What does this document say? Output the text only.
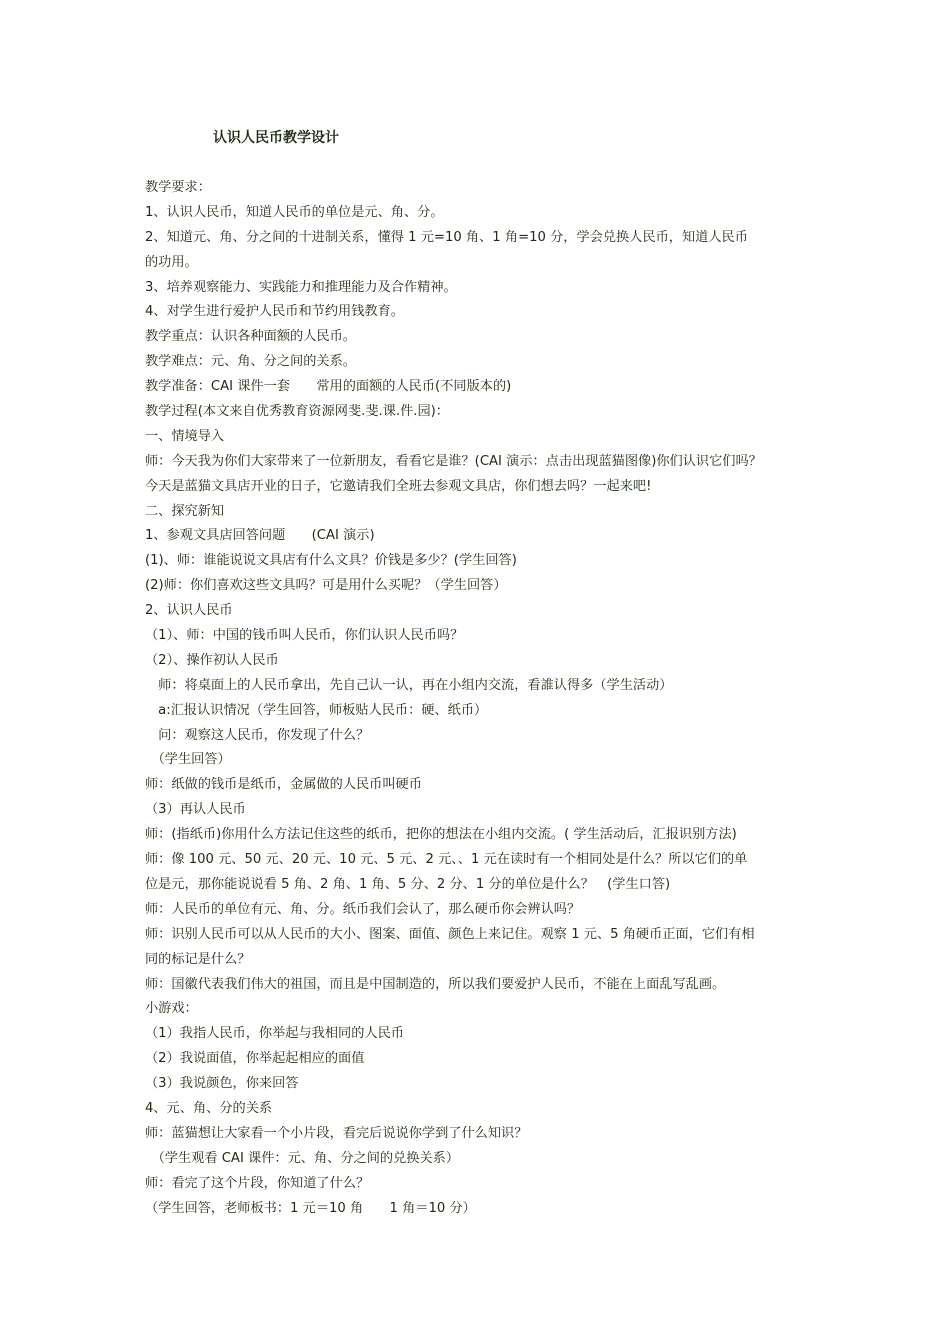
认识人民币教学设计
教学要求：
1、认识人民币，知道人民币的单位是元、角、分。
2、知道元、角、分之间的十进制关系，懂得 1 元=10 角、1 角=10 分，学会兑换人民币，知道人民币
的功用。
3、培养观察能力、实践能力和推理能力及合作精神。
4、对学生进行爱护人民币和节约用钱教育。
教学重点：认识各种面额的人民币。
教学难点：元、角、分之间的关系。
教学准备：CAI 课件一套　　常用的面额的人民币(不同版本的)
教学过程(本文来自优秀教育资源网斐.斐.课.件.园)：
一、情境导入
师：今天我为你们大家带来了一位新朋友，看看它是谁？(CAI 演示：点击出现蓝猫图像)你们认识它们吗？
今天是蓝猫文具店开业的日子，它邀请我们全班去参观文具店，你们想去吗？一起来吧!
二、探究新知
1、参观文具店回答问题　　(CAI 演示)
(1)、师：谁能说说文具店有什么文具？价钱是多少？(学生回答)
(2)师：你们喜欢这些文具吗？可是用什么买呢？（学生回答）
2、认识人民币
（1）、师：中国的钱币叫人民币，你们认识人民币吗？
（2）、操作初认人民币
　师：将桌面上的人民币拿出，先自己认一认，再在小组内交流，看誰认得多（学生活动）
　a:汇报认识情况（学生回答，师板贴人民币：硬、纸币）
　问：观察这人民币，你发现了什么？
　（学生回答）
师：纸做的钱币是纸币，金属做的人民币叫硬币
（3）再认人民币
师：(指纸币)你用什么方法记住这些的纸币，把你的想法在小组内交流。( 学生活动后，汇报识别方法)
师：像 100 元、50 元、20 元、10 元、5 元、2 元、、1 元在读时有一个相同处是什么？所以它们的单
位是元，那你能说说看 5 角、2 角、1 角、5 分、2 分、1 分的单位是什么？　(学生口答)
师：人民币的单位有元、角、分。纸币我们会认了，那么硬币你会辨认吗？
师：识别人民币可以从人民币的大小、图案、面值、颜色上来记住。观察 1 元、5 角硬币正面，它们有相
同的标记是什么？
师：国徽代表我们伟大的祖国，而且是中国制造的，所以我们要爱护人民币，不能在上面乱写乱画。
小游戏：
（1）我指人民币，你举起与我相同的人民币
（2）我说面值，你举起起相应的面值
（3）我说颜色，你来回答
4、元、角、分的关系
师：蓝猫想让大家看一个小片段，看完后说说你学到了什么知识？
　（学生观看 CAI 课件：元、角、分之间的兑换关系）
师：看完了这个片段，你知道了什么？
（学生回答，老师板书：1 元＝10 角　　1 角＝10 分）
